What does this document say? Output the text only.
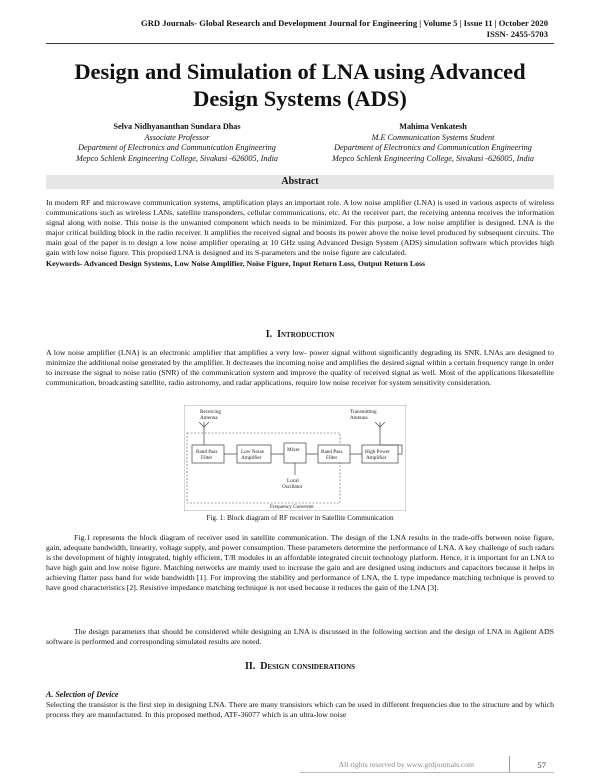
GRD Journals- Global Research and Development Journal for Engineering | Volume 5 | Issue 11 | October 2020
ISSN- 2455-5703
Design and Simulation of LNA using Advanced
Design Systems (ADS)
Selva Nidhyananthan Sundara Dhas
Associate Professor
Department of Electronics and Communication Engineering
Mepco Schlenk Engineering College, Sivakasi -626005, India
Mahima Venkatesh
M.E Communication Systems Student
Department of Electronics and Communication Engineering
Mepco Schlenk Engineering College, Sivakasi -626005, India
Abstract
In modern RF and microwave communication systems, amplification plays an important role. A low noise amplifier (LNA) is used in various aspects of wireless communications such as wireless LANs, satellite transponders, cellular communications, etc. At the receiver part, the receiving antenna receives the information signal along with noise. This noise is the unwanted component which needs to be minimized. For this purpose, a low noise amplifier is designed. LNA is the major critical building block in the radio receiver. It amplifies the received signal and boosts its power above the noise level produced by subsequent circuits. The main goal of the paper is to design a low noise amplifier operating at 10 GHz using Advanced Design System (ADS) simulation software which provides high gain with low noise figure. This proposed LNA is designed and its S-parameters and the noise figure are calculated.
Keywords- Advanced Design Systems, Low Noise Amplifier, Noise Figure, Input Return Loss, Output Return Loss
I. Introduction
A low noise amplifier (LNA) is an electronic amplifier that amplifies a very low- power signal without significantly degrading its SNR. LNAs are designed to minimize the additional noise generated by the amplifier. It decreases the incoming noise and amplifies the desired signal within a certain frequency range in order to increase the signal to noise ratio (SNR) of the communication system and improve the quality of received signal as well. Most of the applications likesatellite communication, broadcasting satellite, radio astronomy, and radar applications, require low noise receiver for system sensitivity consideration.
Receiving
Antenna
Transmitting
Antenna
Band Pass
Filter
Low Noise
Amplifier
Mixer	Band Pass
Filter
High Power
Amplifier
Local
Oscillator
Frequency Converter
Fig. 1: Block diagram of RF receiver in Satellite Communication
Fig.1 represents the block diagram of receiver used in satellite communication. The design of the LNA results in the trade-offs between noise figure, gain, adequate bandwidth, linearity, voltage supply, and power consumption. These parameters determine the performance of LNA. A key challenge of such radars is the development of highly integrated, highly efficient, T/R modules in an affordable integrated circuit technology platform. Hence, it is important for an LNA to have high gain and low noise figure. Matching networks are mainly used to increase the gain and are designed using inductors and capacitors because it helps in achieving flatter pass band for wide bandwidth [1]. For improving the stability and performance of LNA, the L type impedance matching technique is proved to have good characteristics [2]. Resistive impedance matching technique is not used because it reduces the gain of the LNA [3].
The design parameters that should be considered while designing an LNA is discussed in the following section and the design of LNA in Agilent ADS software is performed and corresponding simulated results are noted.
II. Design considerations
A. Selection of Device
Selecting the transistor is the first step in designing LNA. There are many transistors which can be used in different frequencies due to the structure and by which process they are manufactured. In this proposed method, ATF-36077 which is an ultra-low noise
All rights reserved by www.grdjournals.com	57
